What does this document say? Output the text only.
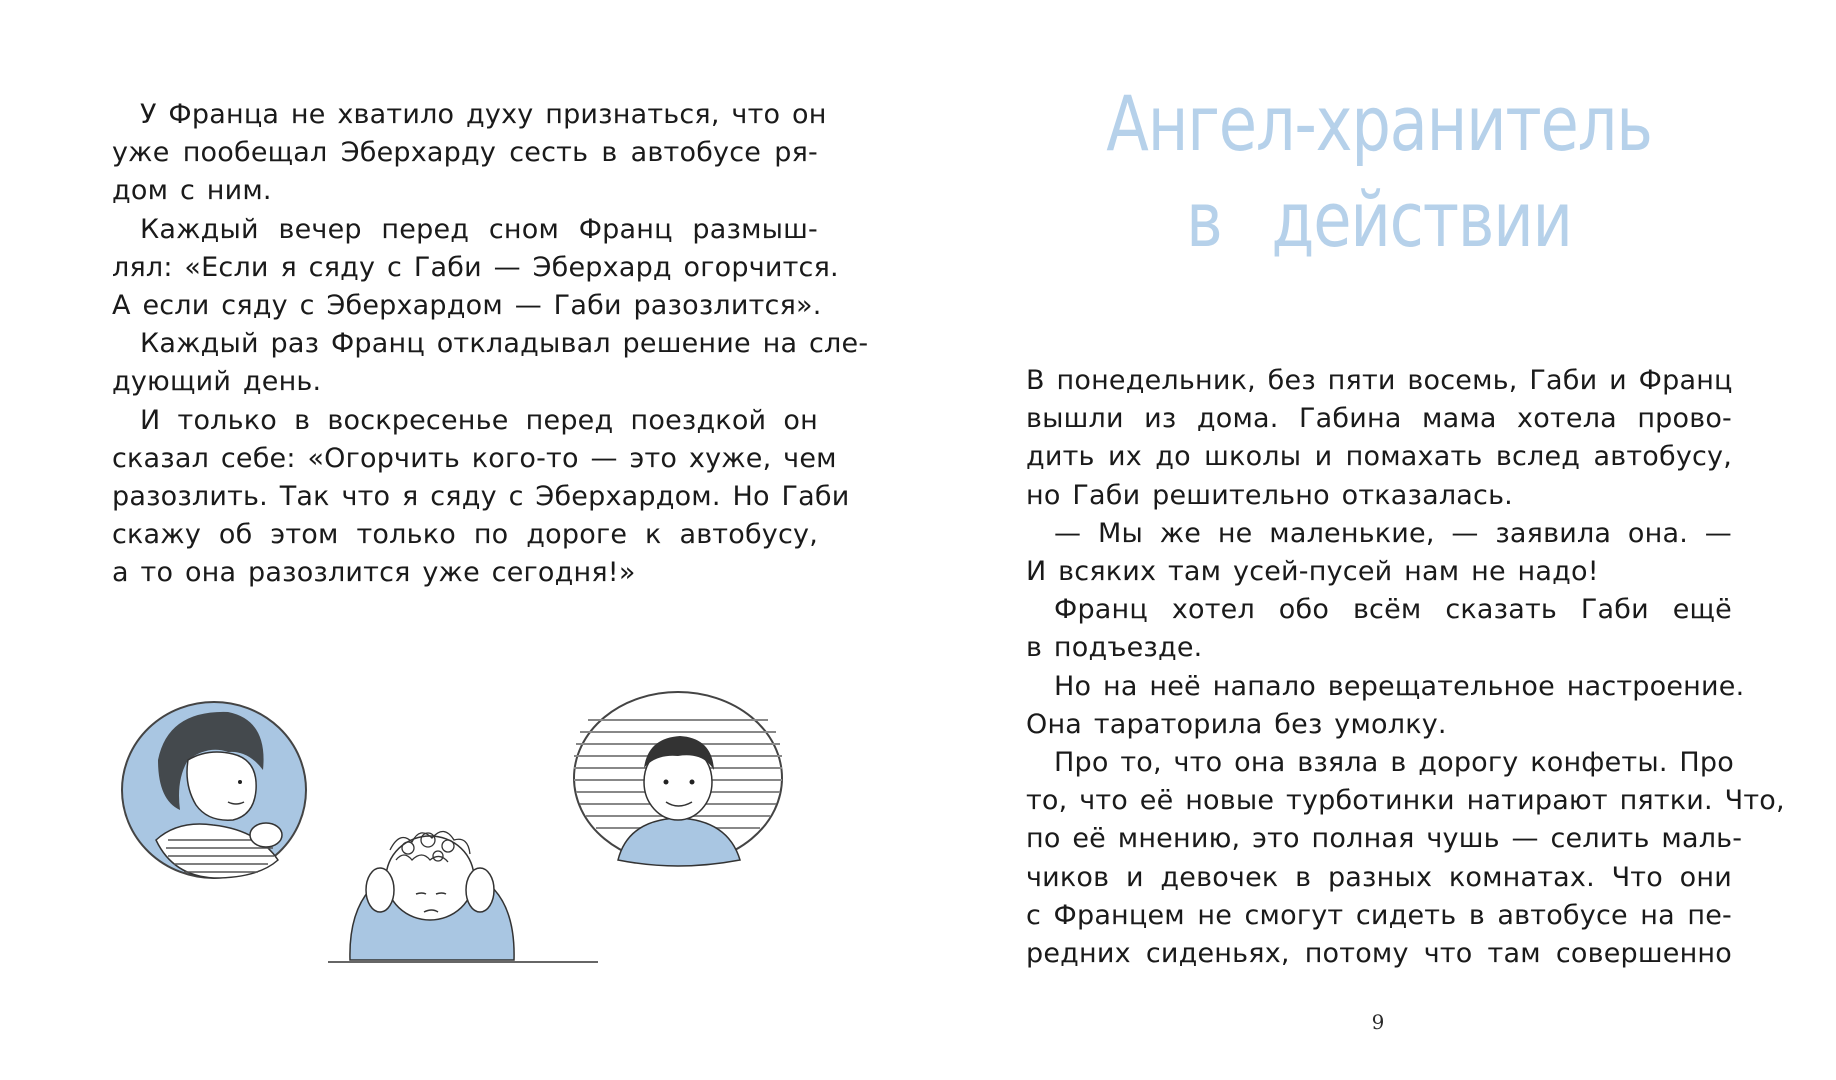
У Франца не хватило духу признаться, что он
уже пообещал Эберхарду сесть в автобусе ря-
дом с ним.

Каждый вечер перед сном Франц размыш-
лял: «Если я сяду с Габи — Эберхард огорчится.
А если сяду с Эберхардом — Габи разозлится».

Каждый раз Франц откладывал решение на сле-
дующий день.

И только в воскресенье перед поездкой он
сказал себе: «Огорчить кого-то — это хуже, чем
разозлить. Так что я сяду с Эберхардом. Но Габи
скажу об этом только по дороге к автобусу,
а то она разозлится уже сегодня!»

Ангел-хранитель
в действии

В понедельник, без пяти восемь, Габи и Франц
вышли из дома. Габина мама хотела прово-
дить их до школы и помахать вслед автобусу,
но Габи решительно отказалась.

— Мы же не маленькие, — заявила она. —
И всяких там усей-пусей нам не надо!

Франц хотел обо всём сказать Габи ещё
в подъезде.

Но на неё напало верещательное настроение.
Она тараторила без умолку.

Про то, что она взяла в дорогу конфеты. Про
то, что её новые турботинки натирают пятки. Что,
по её мнению, это полная чушь — селить маль-
чиков и девочек в разных комнатах. Что они
с Францем не смогут сидеть в автобусе на пе-
редних сиденьях, потому что там совершенно

9
